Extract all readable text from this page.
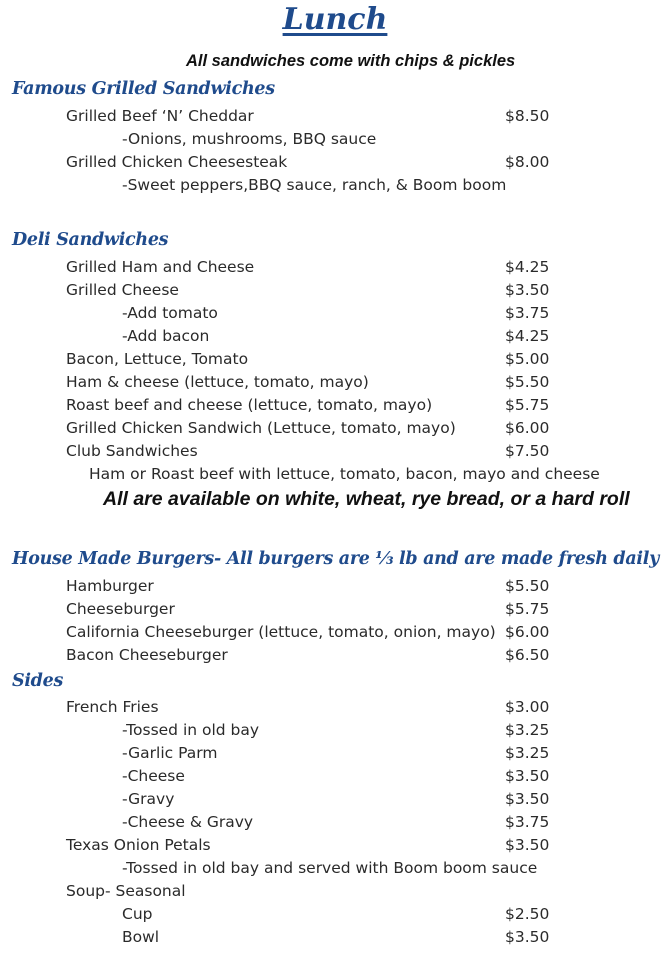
Lunch
All sandwiches come with chips & pickles
Famous Grilled Sandwiches
Grilled Beef ‘N’ Cheddar	$8.50
-Onions, mushrooms, BBQ sauce
Grilled Chicken Cheesesteak	$8.00
-Sweet peppers,BBQ sauce, ranch, & Boom boom
Deli Sandwiches
Grilled Ham and Cheese	$4.25
Grilled Cheese	$3.50
-Add tomato	$3.75
-Add bacon	$4.25
Bacon, Lettuce, Tomato	$5.00
Ham & cheese (lettuce, tomato, mayo)	$5.50
Roast beef and cheese (lettuce, tomato, mayo)	$5.75
Grilled Chicken Sandwich (Lettuce, tomato, mayo)	$6.00
Club Sandwiches	$7.50
Ham or Roast beef with lettuce, tomato, bacon, mayo and cheese
All are available on white, wheat, rye bread, or a hard roll
House Made Burgers- All burgers are ⅓ lb and are made fresh daily
Hamburger	$5.50
Cheeseburger	$5.75
California Cheeseburger (lettuce, tomato, onion, mayo) $6.00
Bacon Cheeseburger	$6.50
Sides
French Fries	$3.00
-Tossed in old bay	$3.25
-Garlic Parm	$3.25
-Cheese	$3.50
-Gravy	$3.50
-Cheese & Gravy	$3.75
Texas Onion Petals	$3.50
-Tossed in old bay and served with Boom boom sauce
Soup- Seasonal
Cup	$2.50
Bowl	$3.50
